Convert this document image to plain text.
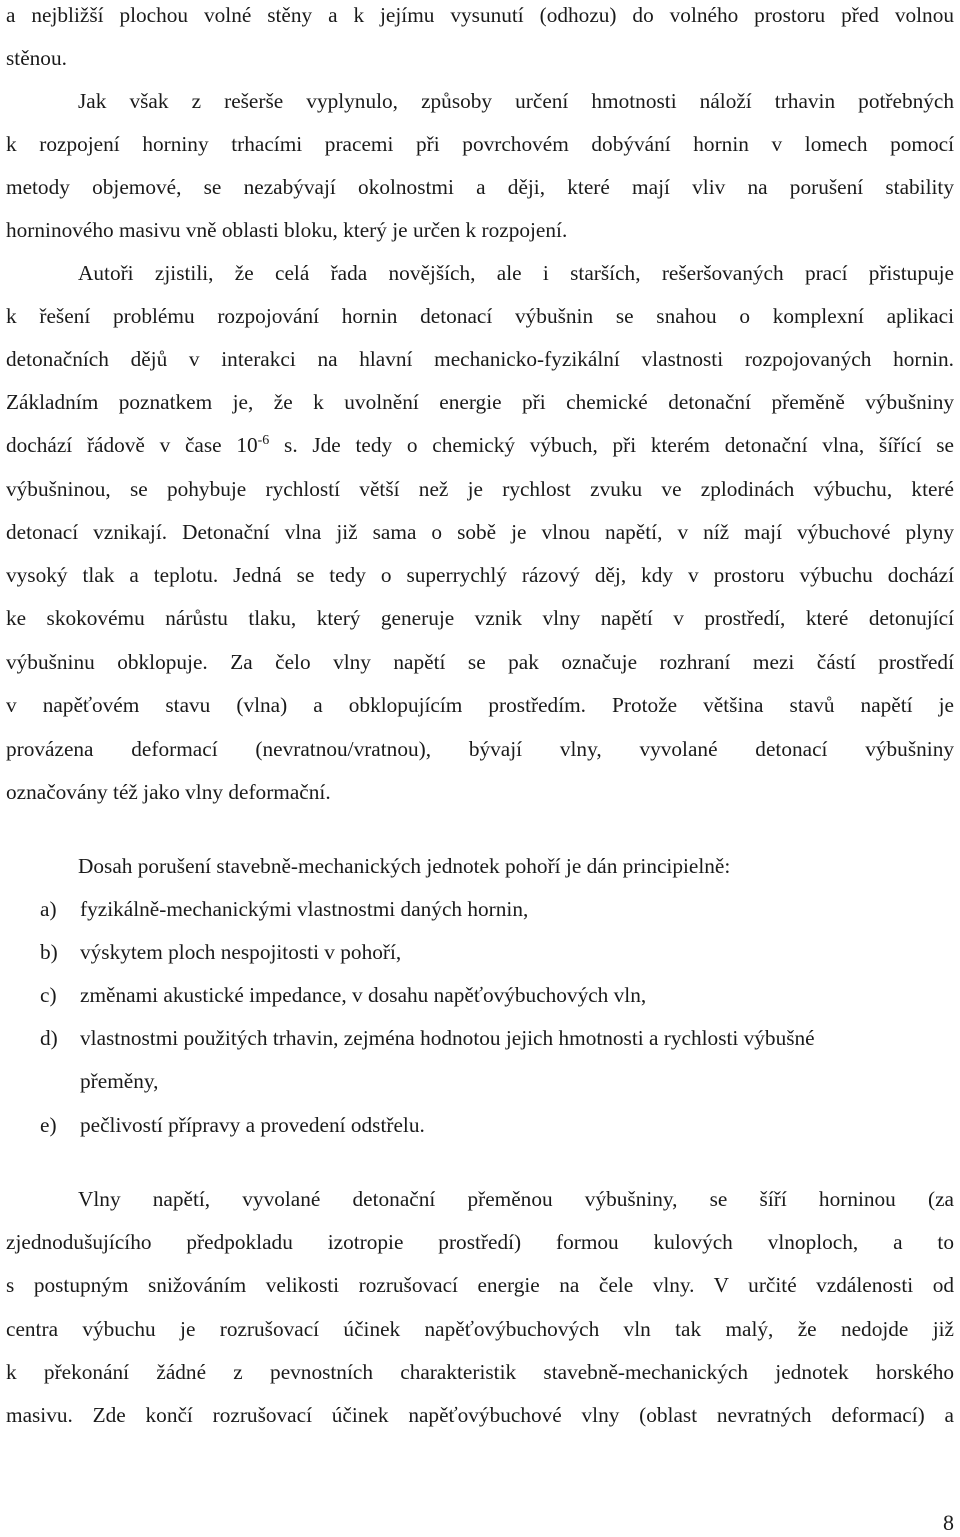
a nejbližší plochou volné stěny a k jejímu vysunutí (odhozu) do volného prostoru před volnou
stěnou.
Jak však z rešerše vyplynulo, způsoby určení hmotnosti náloží trhavin potřebných
k rozpojení horniny trhacími pracemi při povrchovém dobývání hornin v lomech pomocí
metody objemové, se nezabývají okolnostmi a ději, které mají vliv na porušení stability
horninového masivu vně oblasti bloku, který je určen k rozpojení.
Autoři zjistili, že celá řada novějších, ale i starších, rešeršovaných prací přistupuje
k řešení problému rozpojování hornin detonací výbušnin se snahou o komplexní aplikaci
detonačních dějů v interakci na hlavní mechanicko-fyzikální vlastnosti rozpojovaných hornin.
Základním poznatkem je, že k uvolnění energie při chemické detonační přeměně výbušniny
dochází řádově v čase $10^{-6}$ s. Jde tedy o chemický výbuch, při kterém detonační vlna, šířící se
výbušninou, se pohybuje rychlostí větší než je rychlost zvuku ve zplodinách výbuchu, které
detonací vznikají. Detonační vlna již sama o sobě je vlnou napětí, v níž mají výbuchové plyny
vysoký tlak a teplotu. Jedná se tedy o superrychlý rázový děj, kdy v prostoru výbuchu dochází
ke skokovému nárůstu tlaku, který generuje vznik vlny napětí v prostředí, které detonující
výbušninu obklopuje. Za čelo vlny napětí se pak označuje rozhraní mezi částí prostředí
v napěťovém stavu (vlna) a obklopujícím prostředím. Protože většina stavů napětí je
provázena deformací (nevratnou/vratnou), bývají vlny, vyvolané detonací výbušniny
označovány též jako vlny deformační.
Dosah porušení stavebně-mechanických jednotek pohoří je dán principielně:
a)	fyzikálně-mechanickými vlastnostmi daných hornin,
b)	výskytem ploch nespojitosti v pohoří,
c)	změnami akustické impedance, v dosahu napěťovýbuchových vln,
d)	vlastnostmi použitých trhavin, zejména hodnotou jejich hmotnosti a rychlosti výbušné
přeměny,
e)	pečlivostí přípravy a provedení odstřelu.
Vlny napětí, vyvolané detonační přeměnou výbušniny, se šíří horninou (za
zjednodušujícího předpokladu izotropie prostředí) formou kulových vlnoploch, a to
s postupným snižováním velikosti rozrušovací energie na čele vlny. V určité vzdálenosti od
centra výbuchu je rozrušovací účinek napěťovýbuchových vln tak malý, že nedojde již
k překonání žádné z pevnostních charakteristik stavebně-mechanických jednotek horského
masivu. Zde končí rozrušovací účinek napěťovýbuchové vlny (oblast nevratných deformací) a
8
